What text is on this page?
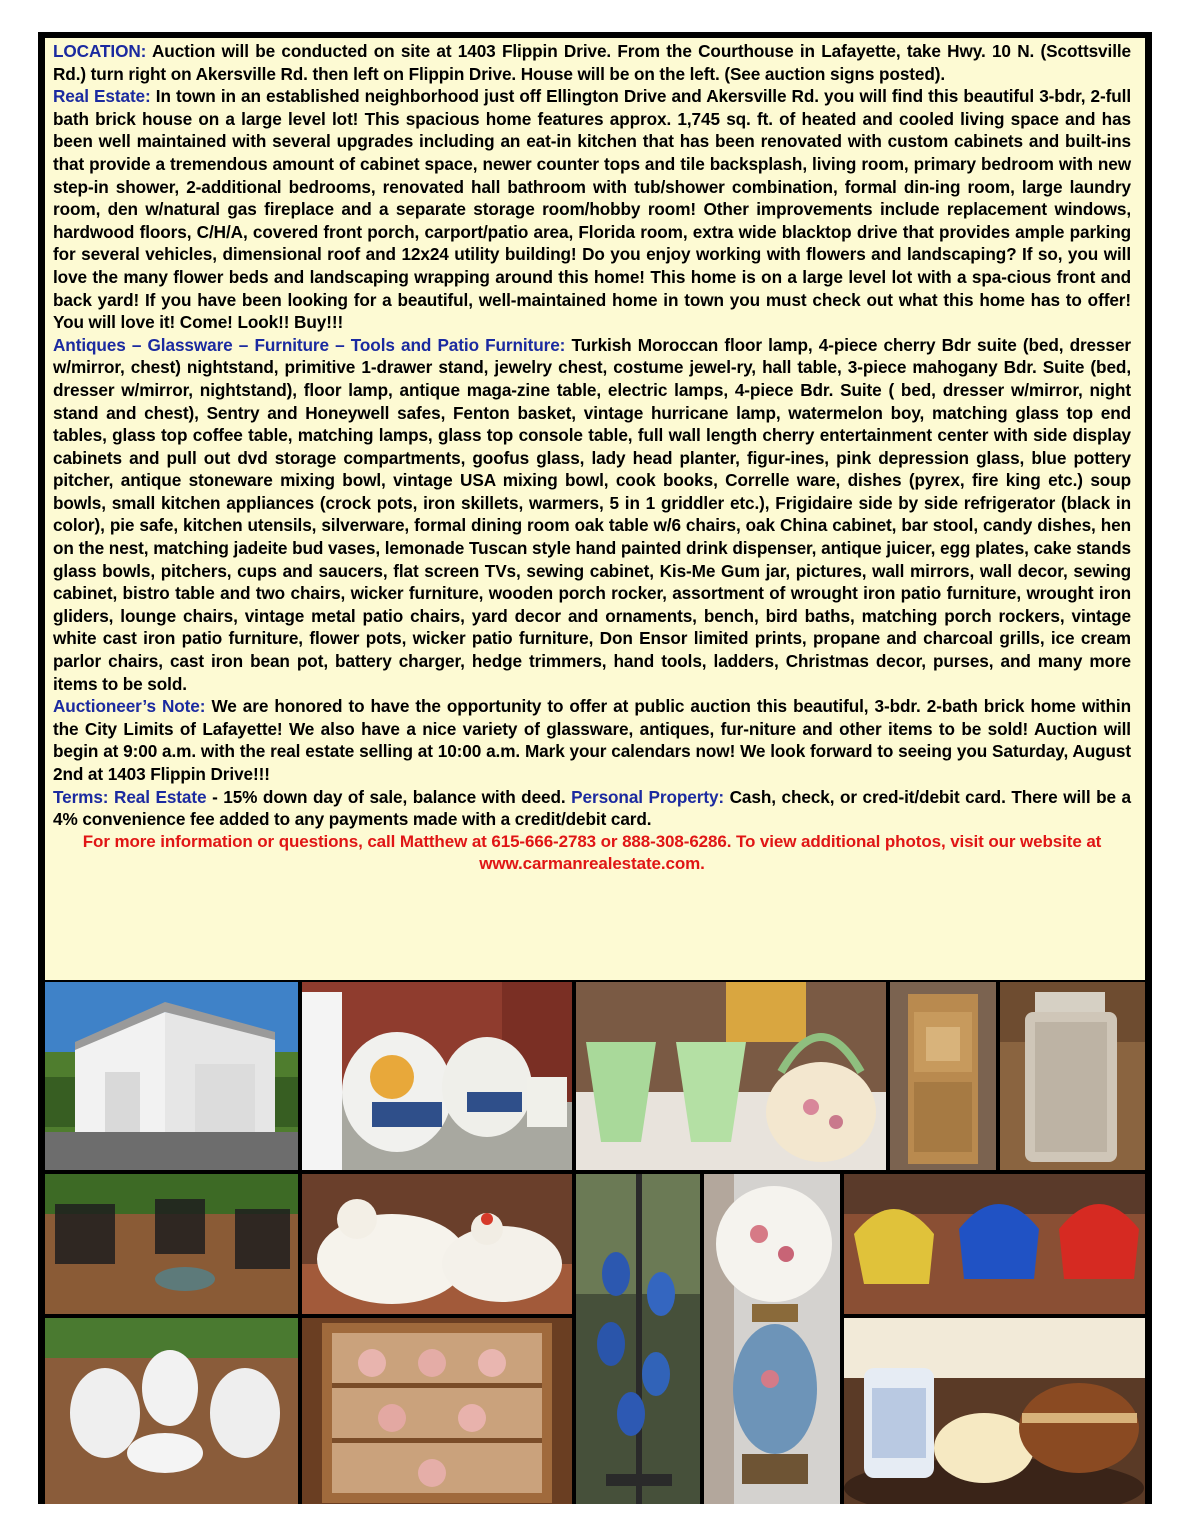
LOCATION: Auction will be conducted on site at 1403 Flippin Drive. From the Courthouse in Lafayette, take Hwy. 10 N. (Scottsville Rd.) turn right on Akersville Rd. then left on Flippin Drive. House will be on the left. (See auction signs posted).

Real Estate: In town in an established neighborhood just off Ellington Drive and Akersville Rd. you will find this beautiful 3-bdr, 2-full bath brick house on a large level lot! This spacious home features approx. 1,745 sq. ft. of heated and cooled living space and has been well maintained with several upgrades including an eat-in kitchen that has been renovated with custom cabinets and built-ins that provide a tremendous amount of cabinet space, newer counter tops and tile backsplash, living room, primary bedroom with new step-in shower, 2-additional bedrooms, renovated hall bathroom with tub/shower combination, formal din-ing room, large laundry room, den w/natural gas fireplace and a separate storage room/hobby room! Other improvements include replacement windows, hardwood floors, C/H/A, covered front porch, carport/patio area, Florida room, extra wide blacktop drive that provides ample parking for several vehicles, dimensional roof and 12x24 utility building! Do you enjoy working with flowers and landscaping? If so, you will love the many flower beds and landscaping wrapping around this home! This home is on a large level lot with a spa-cious front and back yard! If you have been looking for a beautiful, well-maintained home in town you must check out what this home has to offer! You will love it! Come! Look!! Buy!!!

Antiques – Glassware – Furniture – Tools and Patio Furniture: Turkish Moroccan floor lamp, 4-piece cherry Bdr suite (bed, dresser w/mirror, chest) nightstand, primitive 1-drawer stand, jewelry chest, costume jewel-ry, hall table, 3-piece mahogany Bdr. Suite (bed, dresser w/mirror, nightstand), floor lamp, antique maga-zine table, electric lamps, 4-piece Bdr. Suite ( bed, dresser w/mirror, night stand and chest), Sentry and Honeywell safes, Fenton basket, vintage hurricane lamp, watermelon boy, matching glass top end tables, glass top coffee table, matching lamps, glass top console table, full wall length cherry entertainment center with side display cabinets and pull out dvd storage compartments, goofus glass, lady head planter, figur-ines, pink depression glass, blue pottery pitcher, antique stoneware mixing bowl, vintage USA mixing bowl, cook books, Correlle ware, dishes (pyrex, fire king etc.) soup bowls, small kitchen appliances (crock pots, iron skillets, warmers, 5 in 1 griddler etc.), Frigidaire side by side refrigerator (black in color), pie safe, kitchen utensils, silverware, formal dining room oak table w/6 chairs, oak China cabinet, bar stool, candy dishes, hen on the nest, matching jadeite bud vases, lemonade Tuscan style hand painted drink dispenser, antique juicer, egg plates, cake stands glass bowls, pitchers, cups and saucers, flat screen TVs, sewing cabinet, Kis-Me Gum jar, pictures, wall mirrors, wall decor, sewing cabinet, bistro table and two chairs, wicker furniture, wooden porch rocker, assortment of wrought iron patio furniture, wrought iron gliders, lounge chairs, vintage metal patio chairs, yard decor and ornaments, bench, bird baths, matching porch rockers, vintage white cast iron patio furniture, flower pots, wicker patio furniture, Don Ensor limited prints, propane and charcoal grills, ice cream parlor chairs, cast iron bean pot, battery charger, hedge trimmers, hand tools, ladders, Christmas decor, purses, and many more items to be sold.

Auctioneer’s Note: We are honored to have the opportunity to offer at public auction this beautiful, 3-bdr. 2-bath brick home within the City Limits of Lafayette! We also have a nice variety of glassware, antiques, fur-niture and other items to be sold! Auction will begin at 9:00 a.m. with the real estate selling at 10:00 a.m. Mark your calendars now! We look forward to seeing you Saturday, August 2nd at 1403 Flippin Drive!!!

Terms: Real Estate - 15% down day of sale, balance with deed. Personal Property: Cash, check, or cred-it/debit card. There will be a 4% convenience fee added to any payments made with a credit/debit card.

For more information or questions, call Matthew at 615-666-2783 or 888-308-6286. To view additional photos, visit our website at www.carmanrealestate.com.
